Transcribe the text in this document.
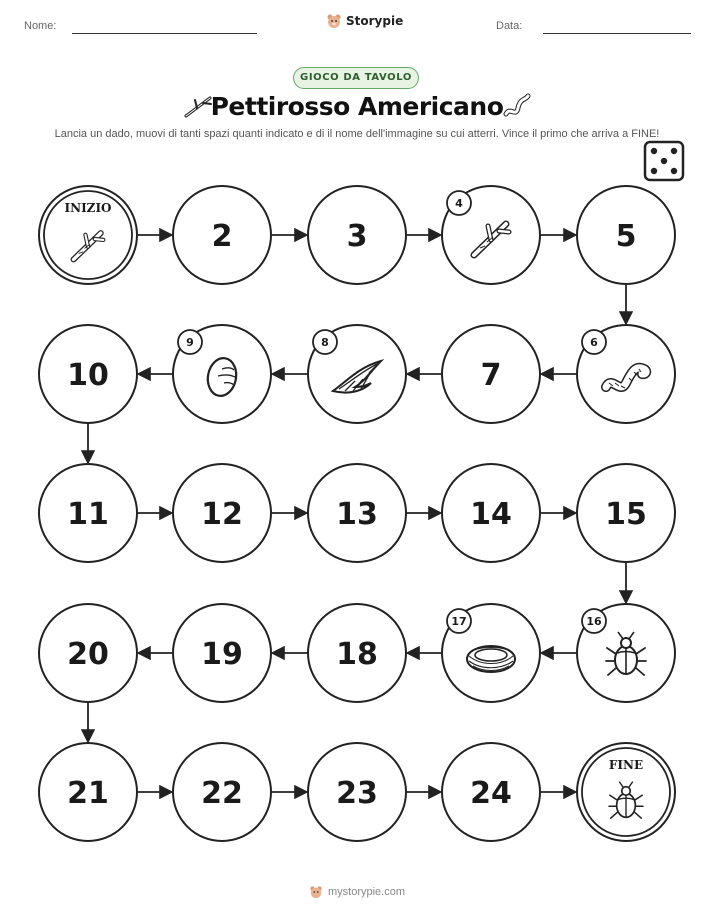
Nome:	Storypie	Data:
GIOCO DA TAVOLO
Pettirosso Americano
Lancia un dado, muovi di tanti spazi quanti indicato e di il nome dell'immagine su cui atterri. Vince il primo che arriva a FINE!
INIZIO
2	3
4
5
6
7
8
9
10
11	12	13	14	15
16
17
18
19
20
21	22	23	24
FINE
mystorypie.com
